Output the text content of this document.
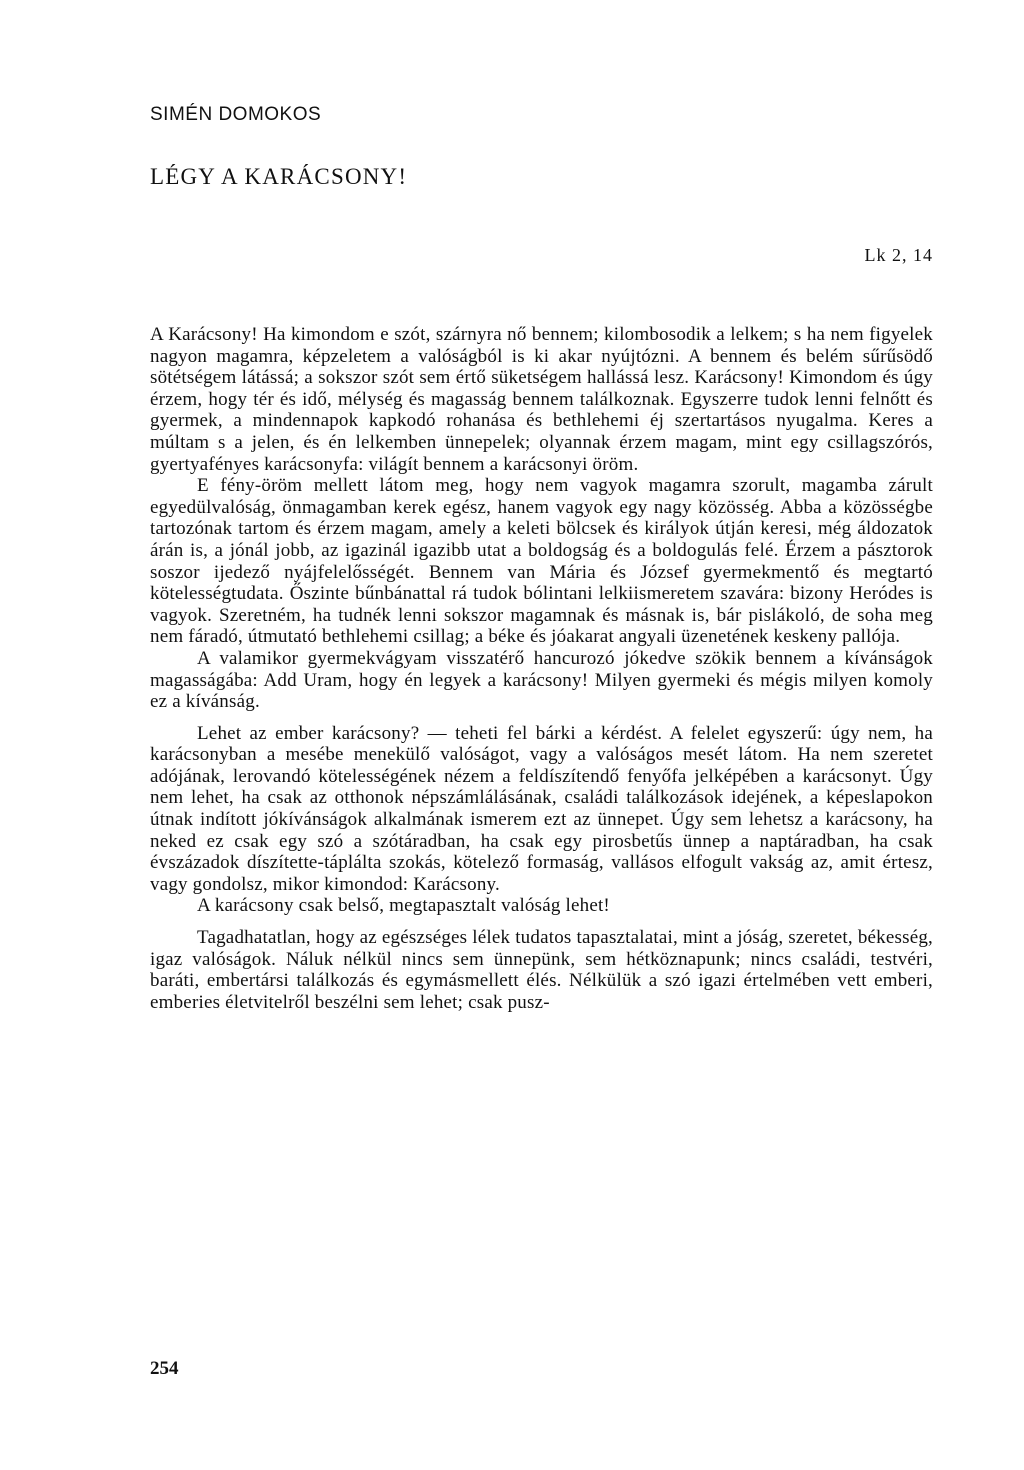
SIMÉN DOMOKOS
LÉGY A KARÁCSONY!
Lk 2, 14

A Karácsony! Ha kimondom e szót, szárnyra nő bennem; kilombosodik a lelkem; s ha nem figyelek nagyon magamra, képzeletem a valóságból is ki akar nyújtózni. A bennem és belém sűrűsödő sötétségem látássá; a sokszor szót sem értő süketségem hallássá lesz. Karácsony! Kimondom és úgy érzem, hogy tér és idő, mélység és magasság bennem találkoznak. Egyszerre tudok lenni felnőtt és gyermek, a mindennapok kapkodó rohanása és bethlehemi éj szertartásos nyugalma. Keres a múltam s a jelen, és én lelkemben ünnepelek; olyannak érzem magam, mint egy csillagszórós, gyertyafényes karácsonyfa: világít bennem a karácsonyi öröm.

E fény-öröm mellett látom meg, hogy nem vagyok magamra szorult, magamba zárult egyedülvalóság, önmagamban kerek egész, hanem vagyok egy nagy közösség. Abba a közösségbe tartozónak tartom és érzem magam, amely a keleti bölcsek és királyok útján keresi, még áldozatok árán is, a jónál jobb, az igazinál igazibb utat a boldogság és a boldogulás felé. Érzem a pásztorok soszor ijedező nyájfelelősségét. Bennem van Mária és József gyermekmentő és megtartó kötelességtudata. Őszinte bűnbánattal rá tudok bólintani lelkiismeretem szavára: bizony Heródes is vagyok. Szeretném, ha tudnék lenni sokszor magamnak és másnak is, bár pislákoló, de soha meg nem fáradó, útmutató bethlehemi csillag; a béke és jóakarat angyali üzenetének keskeny pallója.

A valamikor gyermekvágyam visszatérő hancurozó jókedve szökik bennem a kívánságok magasságába: Add Uram, hogy én legyek a karácsony! Milyen gyermeki és mégis milyen komoly ez a kívánság.

Lehet az ember karácsony? — teheti fel bárki a kérdést. A felelet egyszerű: úgy nem, ha karácsonyban a mesébe menekülő valóságot, vagy a valóságos mesét látom. Ha nem szeretet adójának, lerovandó kötelességének nézem a feldíszítendő fenyőfa jelképében a karácsonyt. Úgy nem lehet, ha csak az otthonok népszámlálásának, családi találkozások idejének, a képeslapokon útnak indított jókívánságok alkalmának ismerem ezt az ünnepet. Úgy sem lehetsz a karácsony, ha neked ez csak egy szó a szótáradban, ha csak egy pirosbetűs ünnep a naptáradban, ha csak évszázadok díszítette-táplálta szokás, kötelező formaság, vallásos elfogult vakság az, amit értesz, vagy gondolsz, mikor kimondod: Karácsony.

A karácsony csak belső, megtapasztalt valóság lehet!

Tagadhatatlan, hogy az egészséges lélek tudatos tapasztalatai, mint a jóság, szeretet, békesség, igaz valóságok. Náluk nélkül nincs sem ünnepünk, sem hétköznapunk; nincs családi, testvéri, baráti, embertársi találkozás és egymásmellett élés. Nélkülük a szó igazi értelmében vett emberi, emberies életvitelről beszélni sem lehet; csak pusz-

254
